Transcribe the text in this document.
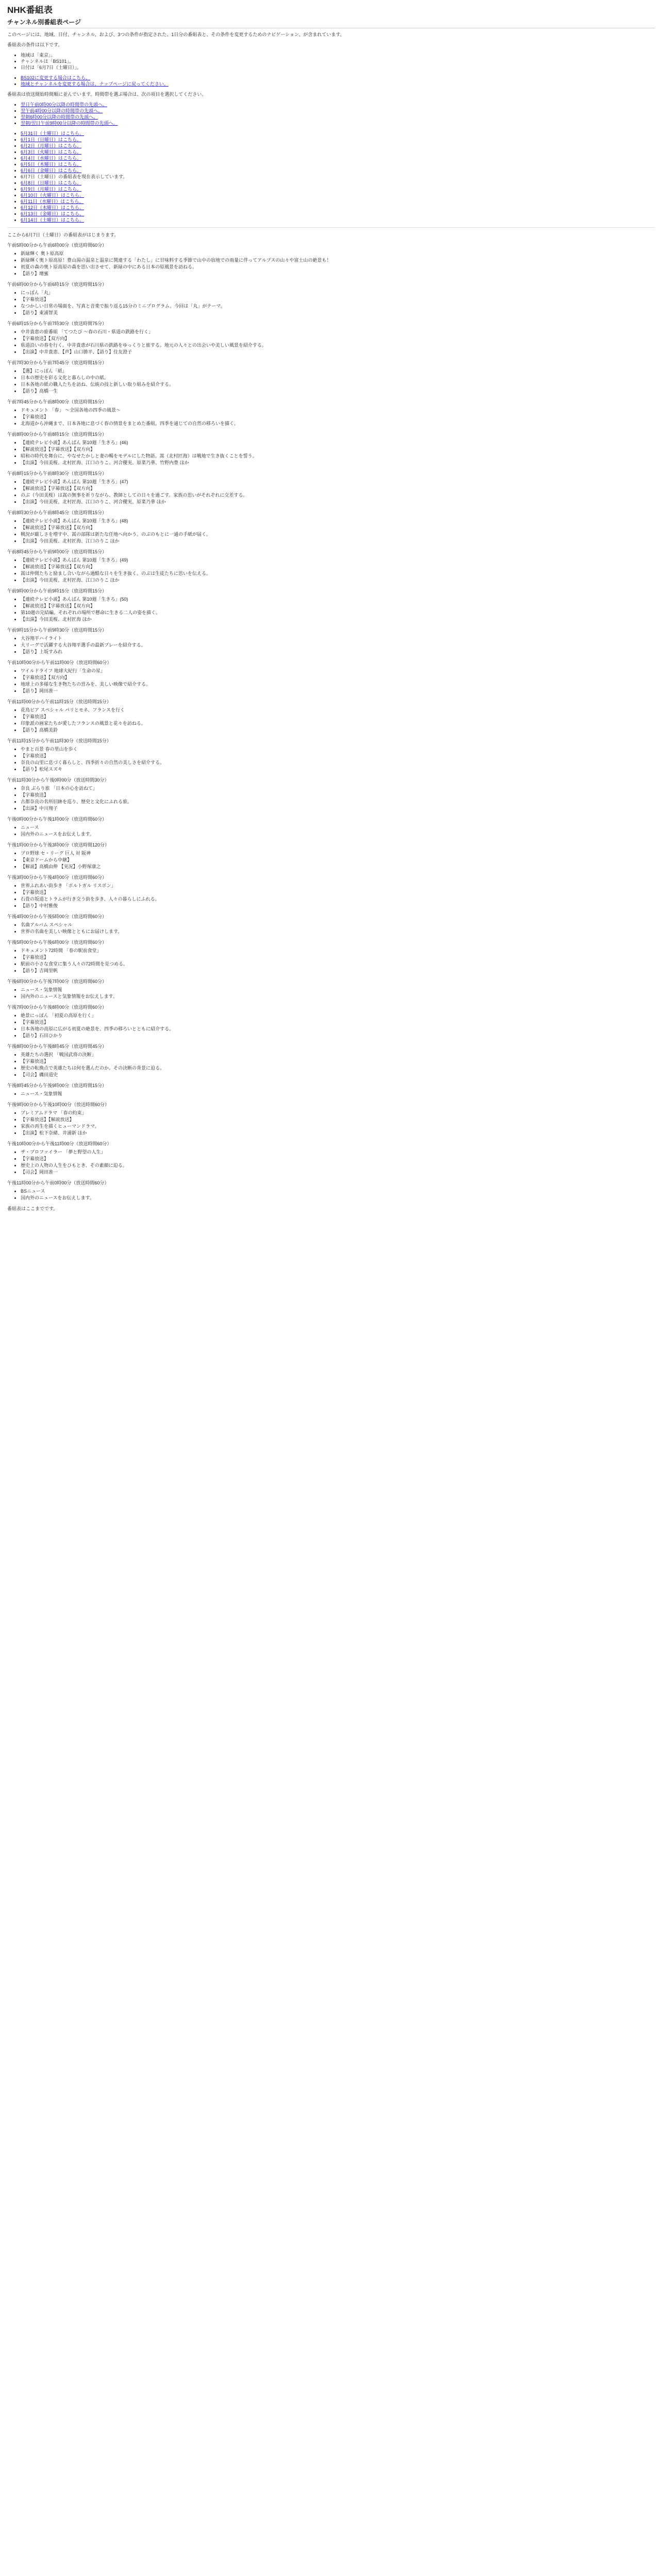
NHK番組表
チャンネル別番組表ページ

このページには、地域、日付、チャンネル、および、3つの条件が指定された、1日分の番組表と、その条件を変更するためのナビゲーション、が含まれています。

番組表の条件は以下です。

• 地域は「東京」。
• チャンネルは「BS101」。
• 日付は「6月7日（土曜日）」。
• BS102に変更する場合はこちら。
• 地域とチャンネルを変更する場合は、ナップページに戻ってください。

番組表は放送開始時間順に並んでいます。時間帯を選ぶ場合は、次の項目を選択してください。

• 翌日午前0時00分以降の時間帯の先頭へ。
• 翌午前4時00分以降の時間帯の先頭へ。
• 翌朝6時00分以降の時間帯の先頭へ。
• 翌朝/翌日午前9時00分以降の時間帯の先頭へ。
• 5月31日（土曜日）はこちら。
• 6月1日（日曜日）はこちら。
• 6月2日（月曜日）はこちら。
• 6月3日（火曜日）はこちら。
• 6月4日（水曜日）はこちら。
• 6月5日（木曜日）はこちら。
• 6月6日（金曜日）はこちら。
• 6月7日（土曜日）の番組表を現在表示しています。
• 6月8日（日曜日）はこちら。
• 6月9日（月曜日）はこちら。
• 6月10日（火曜日）はこちら。
• 6月11日（水曜日）はこちら。
• 6月12日（木曜日）はこちら。
• 6月13日（金曜日）はこちら。
• 6月14日（土曜日）はこちら。

ここから6月7日（土曜日）の番組表がはじまります。

午前5時00分から午前6時00分（放送時間60分）
• 新緑輝く 奥ト原高原
• 新緑輝く奥ト原高原！豊山湯の温泉と温泉に関連する「わたし」に甘味料する季節で山中の宿地での雨量に伴ってアルプスの山々や富士山の絶景も！
• 初夏の森の奥ト原高原の森を思い出させて、新緑の中にある日本の原風景を訪ねる。
• 【語り】壇蜜
午前6時00分から午前6時15分（放送時間15分）
• にっぽん「丸」
• 【字幕放送】
• なつかしい日常の場面を、写真と音楽で振り返る15分のミニプログラム。今回は「丸」がテーマ。
• 【語り】東浦智美
午前6時15分から午前7時30分（放送時間75分）
• 中井貴恵の旅番組 「てつたび 〜春の石川・県道の鉄路を行く」
• 【字幕放送】【双方向】
• 県道沿いの春を行く。中井貴恵が石川県の鉄路をゆっくりと旅する。地元の人々との出会いや美しい風景を紹介する。
• 【出演】中井貴恵、【声】山口勝平、【語り】住友澄子
午前7時30分から午前7時45分（放送時間15分）
• 【選】にっぽん「紙」
• 日本の歴史を彩る文化と暮らしの中の紙。
• 日本各地の紙の職人たちを訪ね、伝統の技と新しい取り組みを紹介する。
• 【語り】高橋一生
午前7時45分から午前8時00分（放送時間15分）
• ドキュメント 「春」 〜全国各地の四季の風景〜
• 【字幕放送】
• 北海道から沖縄まで、日本各地に息づく春の情景をまとめた番組。四季を通じての自然の移ろいを描く。
午前8時00分から午前8時15分（放送時間15分）
• 【連続テレビ小説】あんぱん 第10週「生きろ」(46)
• 【解説放送】【字幕放送】【双方向】
• 昭和の時代を舞台に、やなせたかしと妻の暢をモデルにした物語。嵩（北村匠海）は戦地で生き抜くことを誓う。
• 【出演】今田美桜、北村匠海、江口のりこ、河合優実、原菜乃華、竹野内豊 ほか
午前8時15分から午前8時30分（放送時間15分）
• 【連続テレビ小説】あんぱん 第10週「生きろ」(47)
• 【解説放送】【字幕放送】【双方向】
• のぶ（今田美桜）は嵩の無事を祈りながら、教師としての日々を過ごす。家族の思いがそれぞれに交差する。
• 【出演】今田美桜、北村匠海、江口のりこ、河合優実、原菜乃華 ほか
午前8時30分から午前8時45分（放送時間15分）
• 【連続テレビ小説】あんぱん 第10週「生きろ」(48)
• 【解説放送】【字幕放送】【双方向】
• 戦況が厳しさを増す中、嵩の部隊は新たな任地へ向かう。のぶのもとに一通の手紙が届く。
• 【出演】今田美桜、北村匠海、江口のりこ ほか
午前8時45分から午前9時00分（放送時間15分）
• 【連続テレビ小説】あんぱん 第10週「生きろ」(49)
• 【解説放送】【字幕放送】【双方向】
• 嵩は仲間たちと励まし合いながら過酷な日々を生き抜く。のぶは生徒たちに思いを伝える。
• 【出演】今田美桜、北村匠海、江口のりこ ほか
午前9時00分から午前9時15分（放送時間15分）
• 【連続テレビ小説】あんぱん 第10週「生きろ」(50)
• 【解説放送】【字幕放送】【双方向】
• 第10週の完結編。それぞれの場所で懸命に生きる二人の姿を描く。
• 【出演】今田美桜、北村匠海 ほか
午前9時15分から午前9時30分（放送時間15分）
• 大谷翔平ハイライト
• 大リーグで活躍する大谷翔平選手の最新プレーを紹介する。
• 【語り】上坂すみれ
午前10時00分から午前11時00分（放送時間60分）
• ワイルドライフ 地球大紀行「生命の星」
• 【字幕放送】【双方向】
• 地球上の多様な生き物たちの営みを、美しい映像で紹介する。
• 【語り】岡田准一
午前11時00分から午前11時15分（放送時間15分）
• 花鳥ピア スペシャル パリとモネ、フランスを行く
• 【字幕放送】
• 印象派の画家たちが愛したフランスの風景と花々を訪ねる。
• 【語り】高橋美鈴
午前11時15分から午前11時30分（放送時間15分）
• やまと百景 春の里山を歩く
• 【字幕放送】
• 奈良の山里に息づく暮らしと、四季折々の自然の美しさを紹介する。
• 【語り】松尾スズキ
午前11時30分から午後0時00分（放送時間30分）
• 奈良 ぶらり旅 「日本の心を訪ねて」
• 【字幕放送】
• 古都奈良の名所旧跡を巡り、歴史と文化にふれる旅。
• 【出演】中川翔子
午後0時00分から午後1時00分（放送時間60分）
• ニュース
• 国内外のニュースをお伝えします。
午後1時00分から午後3時00分（放送時間120分）
• プロ野球 セ・リーグ 巨人 対 阪神
• 【東京ドームから中継】
• 【解説】高橋由伸 【実況】小野塚康之
午後3時00分から午後4時00分（放送時間60分）
• 世界ふれあい街歩き 「ポルトガル リスボン」
• 【字幕放送】
• 石畳の坂道とトラムが行き交う街を歩き、人々の暮らしにふれる。
• 【語り】中村雅俊
午後4時00分から午後5時00分（放送時間60分）
• 名曲アルバム スペシャル
• 世界の名曲を美しい映像とともにお届けします。
午後5時00分から午後6時00分（放送時間60分）
• ドキュメント72時間 「春の駅前食堂」
• 【字幕放送】
• 駅前の小さな食堂に集う人々の72時間を見つめる。
• 【語り】吉岡里帆
午後6時00分から午後7時00分（放送時間60分）
• ニュース・気象情報
• 国内外のニュースと気象情報をお伝えします。
午後7時00分から午後8時00分（放送時間60分）
• 絶景にっぽん 「初夏の高原を行く」
• 【字幕放送】
• 日本各地の高原に広がる初夏の絶景を、四季の移ろいとともに紹介する。
• 【語り】石田ひかり
午後8時00分から午後8時45分（放送時間45分）
• 英雄たちの選択 「戦国武将の決断」
• 【字幕放送】
• 歴史の転換点で英雄たちは何を選んだのか。その決断の背景に迫る。
• 【司会】磯田道史
午後8時45分から午後9時00分（放送時間15分）
• ニュース・気象情報
午後9時00分から午後10時00分（放送時間60分）
• プレミアムドラマ 「春の約束」
• 【字幕放送】【解説放送】
• 家族の再生を描くヒューマンドラマ。
• 【出演】松下奈緒、井浦新 ほか
午後10時00分から午後11時00分（放送時間60分）
• ザ・プロファイラー 「夢と野望の人生」
• 【字幕放送】
• 歴史上の人物の人生をひもとき、その素顔に迫る。
• 【司会】岡田准一
午後11時00分から午前0時00分（放送時間60分）
• BSニュース
• 国内外のニュースをお伝えします。

番組表はここまでです。
